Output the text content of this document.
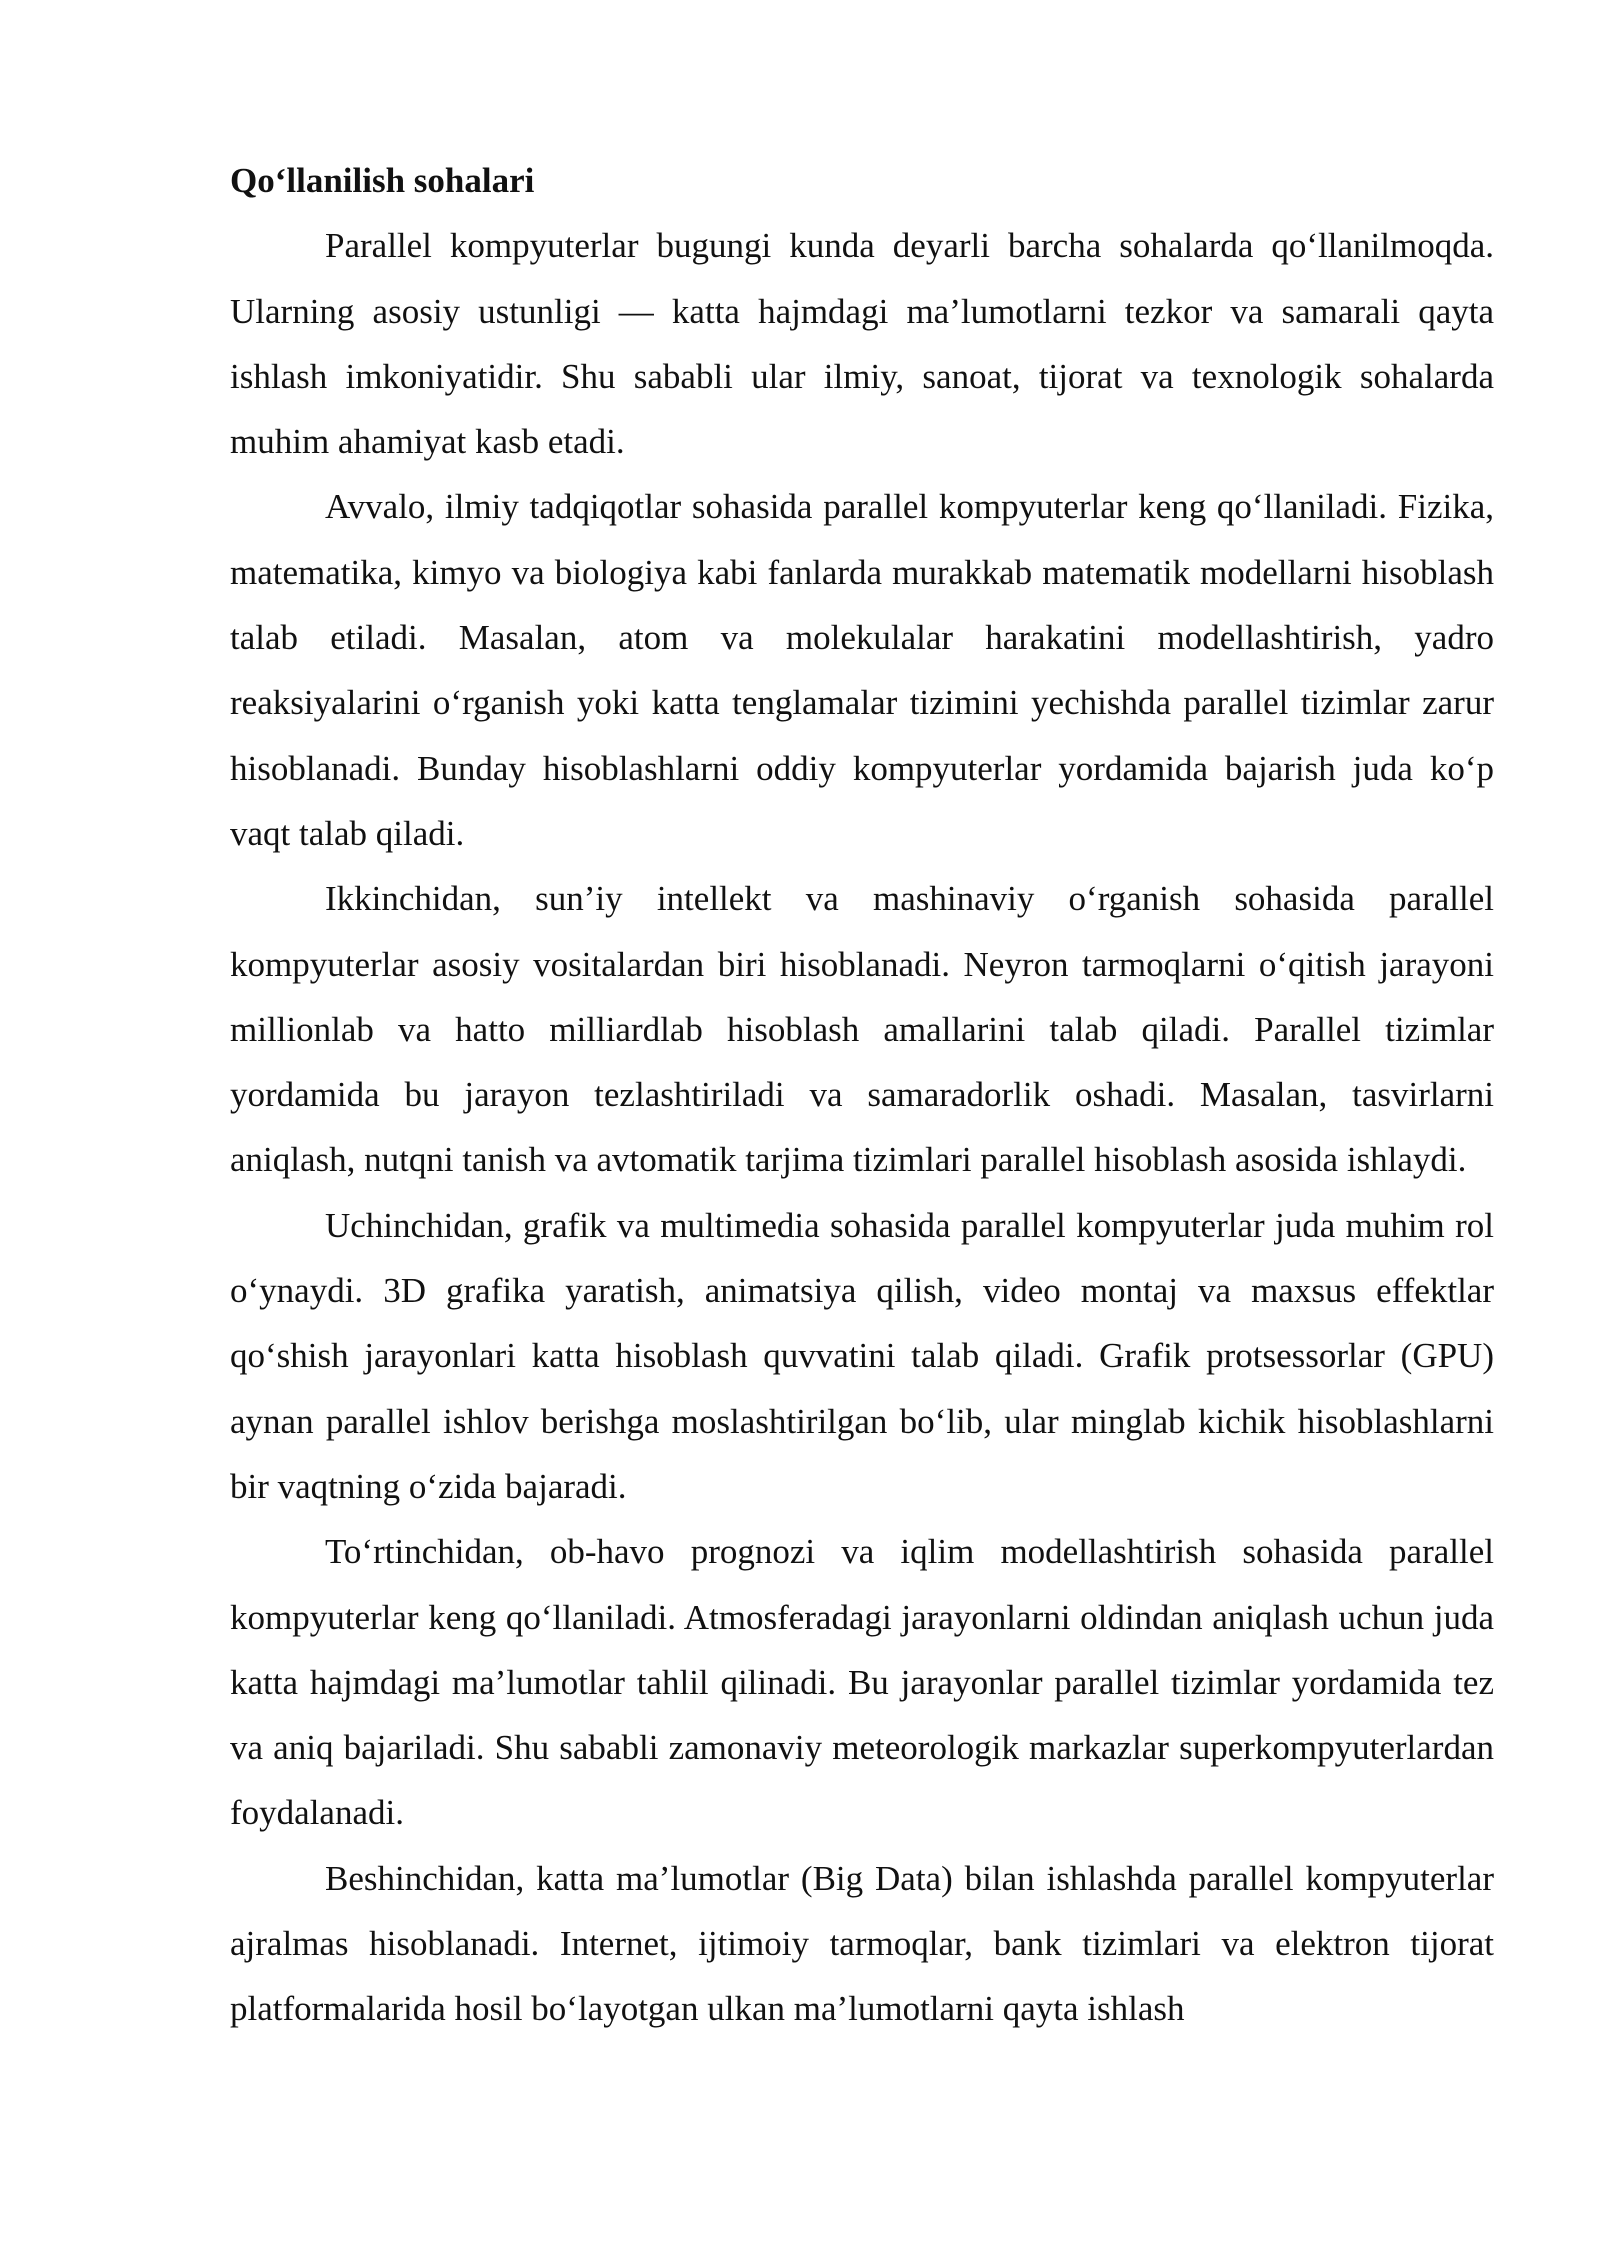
Qo‘llanilish sohalari

Parallel kompyuterlar bugungi kunda deyarli barcha sohalarda qo‘llanilmoqda. Ularning asosiy ustunligi — katta hajmdagi ma’lumotlarni tezkor va samarali qayta ishlash imkoniyatidir. Shu sababli ular ilmiy, sanoat, tijorat va texnologik sohalarda muhim ahamiyat kasb etadi.

Avvalo, ilmiy tadqiqotlar sohasida parallel kompyuterlar keng qo‘llaniladi. Fizika, matematika, kimyo va biologiya kabi fanlarda murakkab matematik modellarni hisoblash talab etiladi. Masalan, atom va molekulalar harakatini modellashtirish, yadro reaksiyalarini o‘rganish yoki katta tenglamalar tizimini yechishda parallel tizimlar zarur hisoblanadi. Bunday hisoblashlarni oddiy kompyuterlar yordamida bajarish juda ko‘p vaqt talab qiladi.

Ikkinchidan, sun’iy intellekt va mashinaviy o‘rganish sohasida parallel kompyuterlar asosiy vositalardan biri hisoblanadi. Neyron tarmoqlarni o‘qitish jarayoni millionlab va hatto milliardlab hisoblash amallarini talab qiladi. Parallel tizimlar yordamida bu jarayon tezlashtiriladi va samaradorlik oshadi. Masalan, tasvirlarni aniqlash, nutqni tanish va avtomatik tarjima tizimlari parallel hisoblash asosida ishlaydi.

Uchinchidan, grafik va multimedia sohasida parallel kompyuterlar juda muhim rol o‘ynaydi. 3D grafika yaratish, animatsiya qilish, video montaj va maxsus effektlar qo‘shish jarayonlari katta hisoblash quvvatini talab qiladi. Grafik protsessorlar (GPU) aynan parallel ishlov berishga moslashtirilgan bo‘lib, ular minglab kichik hisoblashlarni bir vaqtning o‘zida bajaradi.

To‘rtinchidan, ob-havo prognozi va iqlim modellashtirish sohasida parallel kompyuterlar keng qo‘llaniladi. Atmosferadagi jarayonlarni oldindan aniqlash uchun juda katta hajmdagi ma’lumotlar tahlil qilinadi. Bu jarayonlar parallel tizimlar yordamida tez va aniq bajariladi. Shu sababli zamonaviy meteorologik markazlar superkompyuterlardan foydalanadi.

Beshinchidan, katta ma’lumotlar (Big Data) bilan ishlashda parallel kompyuterlar ajralmas hisoblanadi. Internet, ijtimoiy tarmoqlar, bank tizimlari va elektron tijorat platformalarida hosil bo‘layotgan ulkan ma’lumotlarni qayta ishlash
